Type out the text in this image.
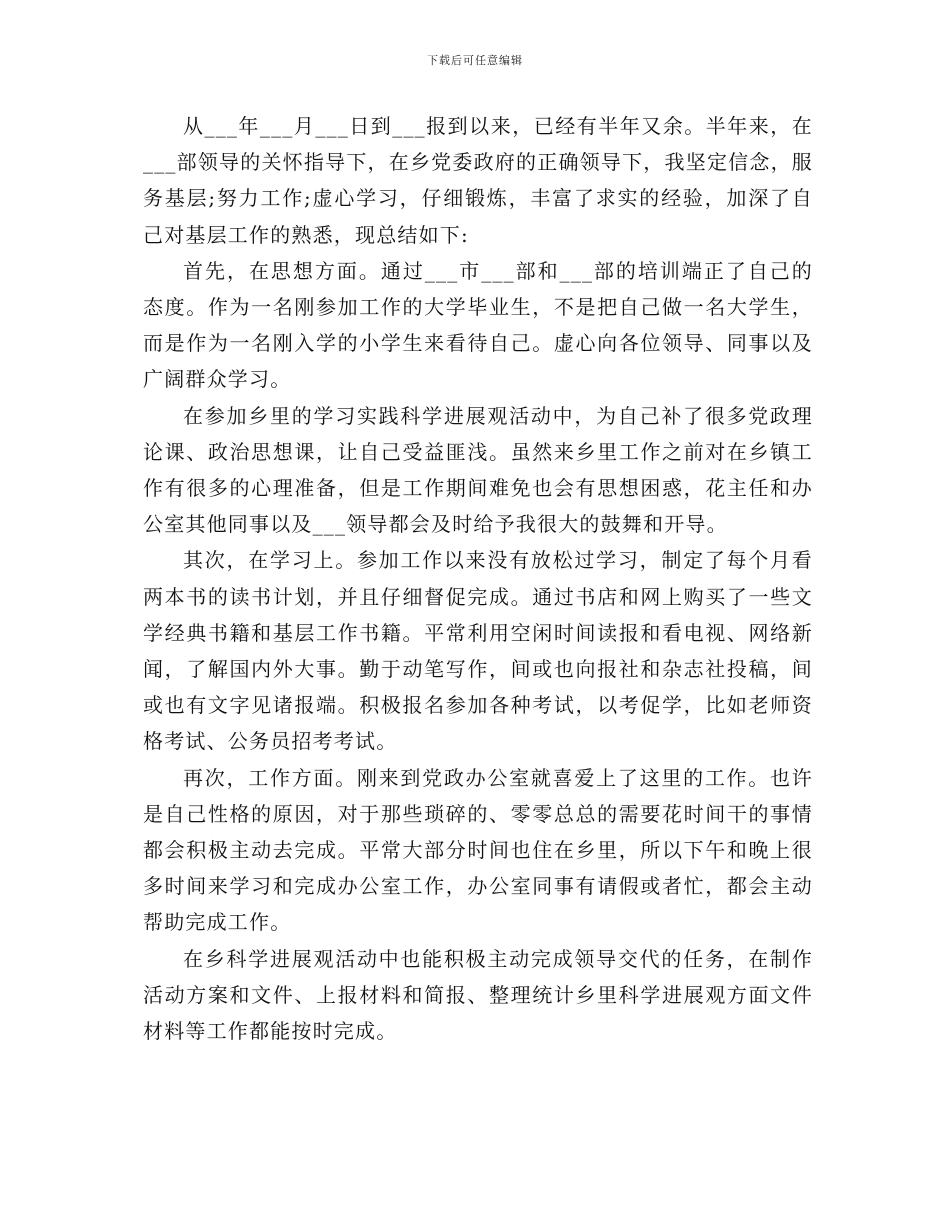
下载后可任意编辑

从___年___月___日到___报到以来，已经有半年又余。半年来，在___部领导的关怀指导下，在乡党委政府的正确领导下，我坚定信念，服务基层;努力工作;虚心学习，仔细锻炼，丰富了求实的经验，加深了自己对基层工作的熟悉，现总结如下:

首先，在思想方面。通过___市___部和___部的培训端正了自己的态度。作为一名刚参加工作的大学毕业生，不是把自己做一名大学生，而是作为一名刚入学的小学生来看待自己。虚心向各位领导、同事以及广阔群众学习。

在参加乡里的学习实践科学进展观活动中，为自己补了很多党政理论课、政治思想课，让自己受益匪浅。虽然来乡里工作之前对在乡镇工作有很多的心理准备，但是工作期间难免也会有思想困惑，花主任和办公室其他同事以及___领导都会及时给予我很大的鼓舞和开导。

其次，在学习上。参加工作以来没有放松过学习，制定了每个月看两本书的读书计划，并且仔细督促完成。通过书店和网上购买了一些文学经典书籍和基层工作书籍。平常利用空闲时间读报和看电视、网络新闻，了解国内外大事。勤于动笔写作，间或也向报社和杂志社投稿，间或也有文字见诸报端。积极报名参加各种考试，以考促学，比如老师资格考试、公务员招考考试。

再次，工作方面。刚来到党政办公室就喜爱上了这里的工作。也许是自己性格的原因，对于那些琐碎的、零零总总的需要花时间干的事情都会积极主动去完成。平常大部分时间也住在乡里，所以下午和晚上很多时间来学习和完成办公室工作，办公室同事有请假或者忙，都会主动帮助完成工作。

在乡科学进展观活动中也能积极主动完成领导交代的任务，在制作活动方案和文件、上报材料和简报、整理统计乡里科学进展观方面文件材料等工作都能按时完成。
